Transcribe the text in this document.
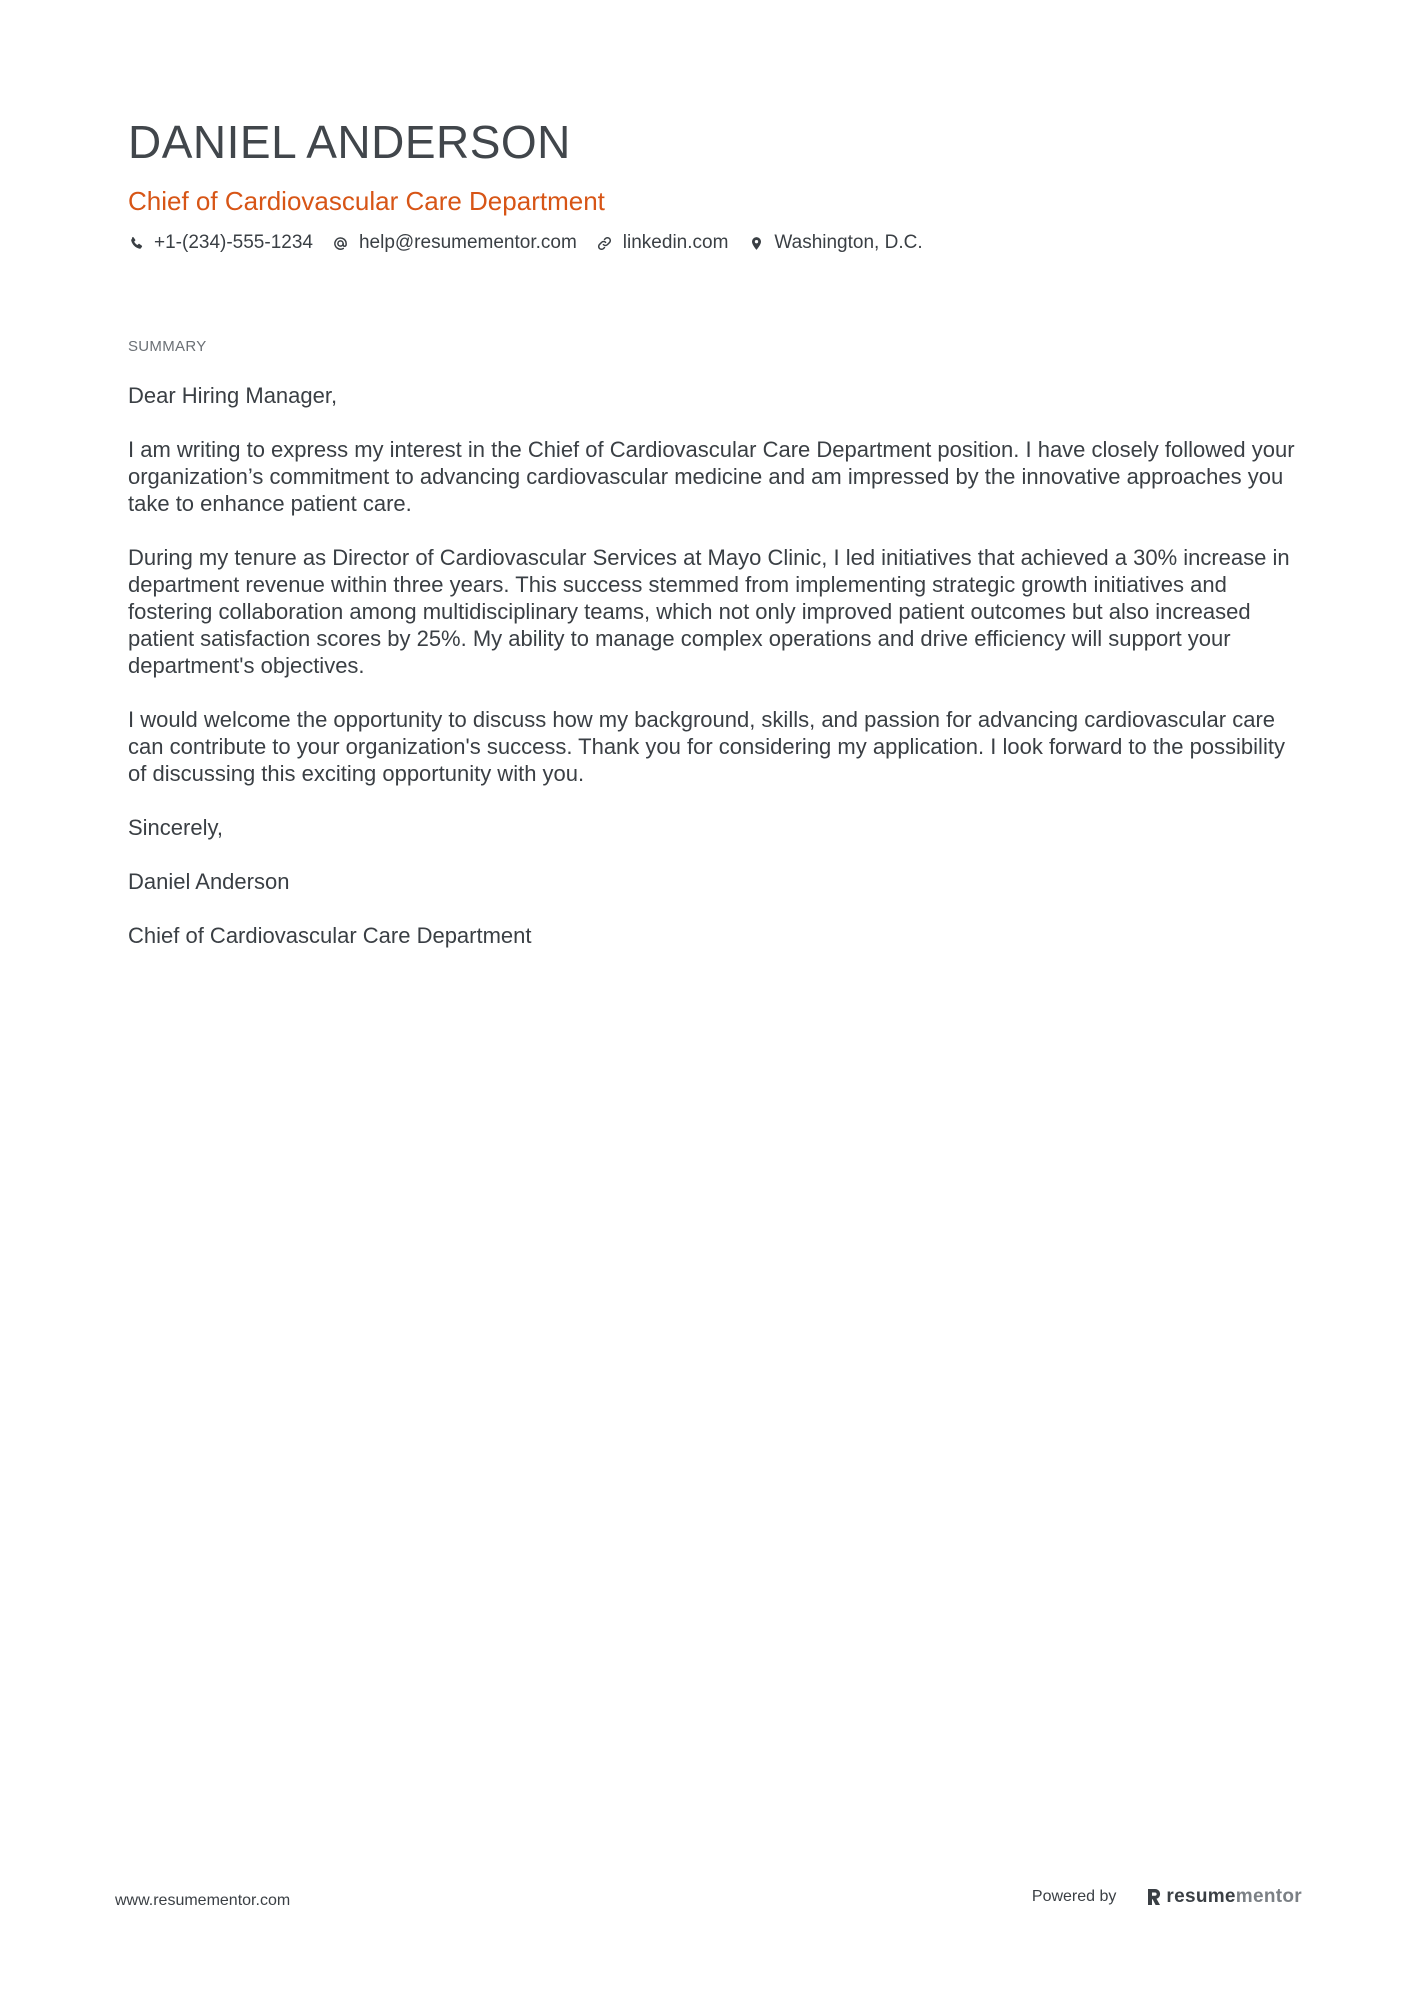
DANIEL ANDERSON
Chief of Cardiovascular Care Department
+1-(234)-555-1234 help@resumementor.com linkedin.com Washington, D.C.
SUMMARY

Dear Hiring Manager,

I am writing to express my interest in the Chief of Cardiovascular Care Department position. I have closely followed your organization’s commitment to advancing cardiovascular medicine and am impressed by the innovative approaches you take to enhance patient care.

During my tenure as Director of Cardiovascular Services at Mayo Clinic, I led initiatives that achieved a 30% increase in department revenue within three years. This success stemmed from implementing strategic growth initiatives and fostering collaboration among multidisciplinary teams, which not only improved patient outcomes but also increased patient satisfaction scores by 25%. My ability to manage complex operations and drive efficiency will support your department's objectives.

I would welcome the opportunity to discuss how my background, skills, and passion for advancing cardiovascular care can contribute to your organization's success. Thank you for considering my application. I look forward to the possibility of discussing this exciting opportunity with you.

Sincerely,

Daniel Anderson

Chief of Cardiovascular Care Department

www.resumementor.com	Powered by	resume mentor
